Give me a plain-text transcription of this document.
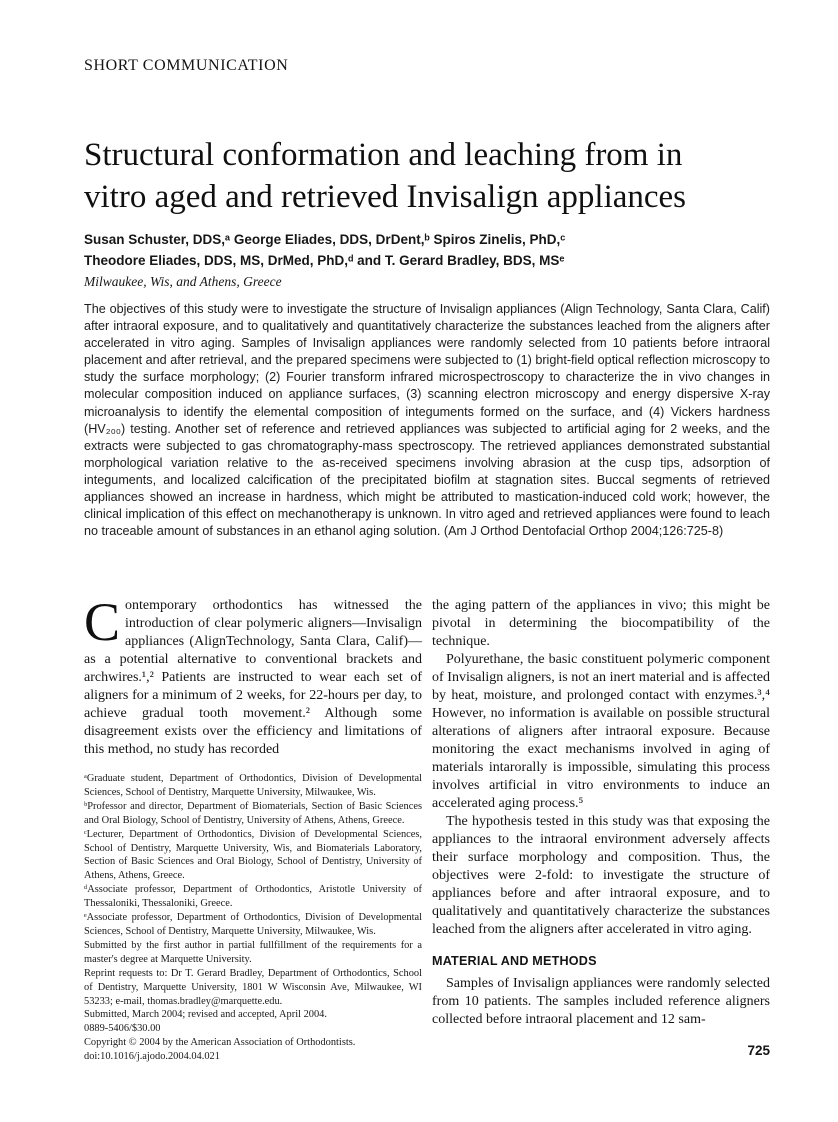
SHORT COMMUNICATION
Structural conformation and leaching from in
vitro aged and retrieved Invisalign appliances
Susan Schuster, DDS,ᵃ George Eliades, DDS, DrDent,ᵇ Spiros Zinelis, PhD,ᶜ
Theodore Eliades, DDS, MS, DrMed, PhD,ᵈ and T. Gerard Bradley, BDS, MSᵉ
Milwaukee, Wis, and Athens, Greece
The objectives of this study were to investigate the structure of Invisalign appliances (Align Technology, Santa Clara, Calif) after intraoral exposure, and to qualitatively and quantitatively characterize the substances leached from the aligners after accelerated in vitro aging. Samples of Invisalign appliances were randomly selected from 10 patients before intraoral placement and after retrieval, and the prepared specimens were subjected to (1) bright-field optical reflection microscopy to study the surface morphology; (2) Fourier transform infrared microspectroscopy to characterize the in vivo changes in molecular composition induced on appliance surfaces, (3) scanning electron microscopy and energy dispersive X-ray microanalysis to identify the elemental composition of integuments formed on the surface, and (4) Vickers hardness (HV₂₀₀) testing. Another set of reference and retrieved appliances was subjected to artificial aging for 2 weeks, and the extracts were subjected to gas chromatography-mass spectroscopy. The retrieved appliances demonstrated substantial morphological variation relative to the as-received specimens involving abrasion at the cusp tips, adsorption of integuments, and localized calcification of the precipitated biofilm at stagnation sites. Buccal segments of retrieved appliances showed an increase in hardness, which might be attributed to mastication-induced cold work; however, the clinical implication of this effect on mechanotherapy is unknown. In vitro aged and retrieved appliances were found to leach no traceable amount of substances in an ethanol aging solution. (Am J Orthod Dentofacial Orthop 2004;126:725-8)

Contemporary orthodontics has witnessed the introduction of clear polymeric aligners—Invisalign appliances (AlignTechnology, Santa Clara, Calif)—as a potential alternative to conventional brackets and archwires.¹,² Patients are instructed to wear each set of aligners for a minimum of 2 weeks, for 22-hours per day, to achieve gradual tooth movement.² Although some disagreement exists over the efficiency and limitations of this method, no study has recorded

ᵃGraduate student, Department of Orthodontics, Division of Developmental Sciences, School of Dentistry, Marquette University, Milwaukee, Wis.
ᵇProfessor and director, Department of Biomaterials, Section of Basic Sciences and Oral Biology, School of Dentistry, University of Athens, Athens, Greece.
ᶜLecturer, Department of Orthodontics, Division of Developmental Sciences, School of Dentistry, Marquette University, Wis, and Biomaterials Laboratory, Section of Basic Sciences and Oral Biology, School of Dentistry, University of Athens, Athens, Greece.
ᵈAssociate professor, Department of Orthodontics, Aristotle University of Thessaloniki, Thessaloniki, Greece.
ᵉAssociate professor, Department of Orthodontics, Division of Developmental Sciences, School of Dentistry, Marquette University, Milwaukee, Wis.
Submitted by the first author in partial fullfillment of the requirements for a master's degree at Marquette University.
Reprint requests to: Dr T. Gerard Bradley, Department of Orthodontics, School of Dentistry, Marquette University, 1801 W Wisconsin Ave, Milwaukee, WI 53233; e-mail, thomas.bradley@marquette.edu.
Submitted, March 2004; revised and accepted, April 2004.
0889-5406/$30.00
Copyright © 2004 by the American Association of Orthodontists.
doi:10.1016/j.ajodo.2004.04.021

the aging pattern of the appliances in vivo; this might be pivotal in determining the biocompatibility of the technique.

Polyurethane, the basic constituent polymeric component of Invisalign aligners, is not an inert material and is affected by heat, moisture, and prolonged contact with enzymes.³,⁴ However, no information is available on possible structural alterations of aligners after intraoral exposure. Because monitoring the exact mechanisms involved in aging of materials intarorally is impossible, simulating this process involves artificial in vitro environments to induce an accelerated aging process.⁵

The hypothesis tested in this study was that exposing the appliances to the intraoral environment adversely affects their surface morphology and composition. Thus, the objectives were 2-fold: to investigate the structure of appliances before and after intraoral exposure, and to qualitatively and quantitatively characterize the substances leached from the aligners after accelerated in vitro aging.

MATERIAL AND METHODS

Samples of Invisalign appliances were randomly selected from 10 patients. The samples included reference aligners collected before intraoral placement and 12 sam-

725
